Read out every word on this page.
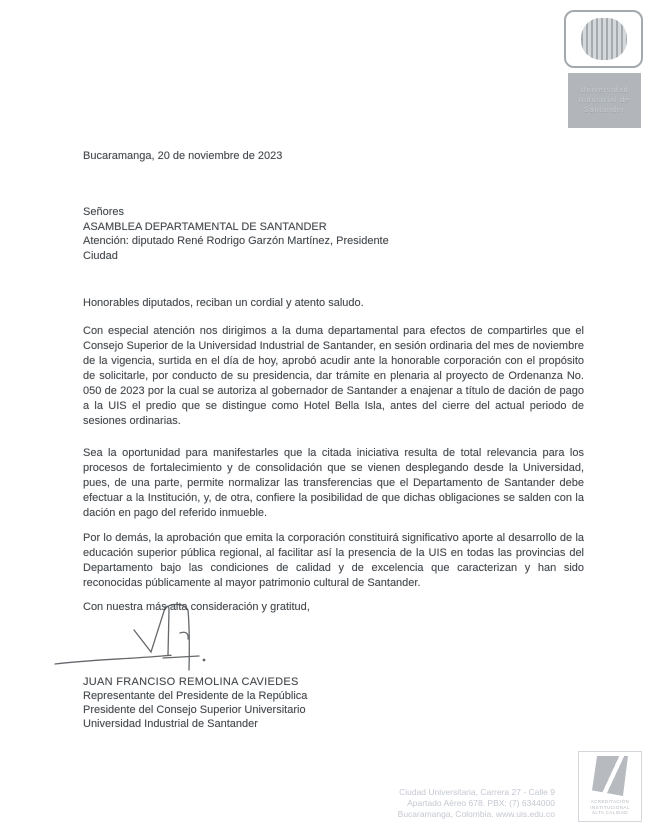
Universidad
Industrial de
Santander
Bucaramanga, 20 de noviembre de 2023
Señores
ASAMBLEA DEPARTAMENTAL DE SANTANDER
Atención: diputado René Rodrigo Garzón Martínez, Presidente
Ciudad
Honorables diputados, reciban un cordial y atento saludo.
Con especial atención nos dirigimos a la duma departamental para efectos de compartirles que el Consejo Superior de la Universidad Industrial de Santander, en sesión ordinaria del mes de noviembre de la vigencia, surtida en el día de hoy, aprobó acudir ante la honorable corporación con el propósito de solicitarle, por conducto de su presidencia, dar trámite en plenaria al proyecto de Ordenanza No. 050 de 2023 por la cual se autoriza al gobernador de Santander a enajenar a título de dación de pago a la UIS el predio que se distingue como Hotel Bella Isla, antes del cierre del actual periodo de sesiones ordinarias.
Sea la oportunidad para manifestarles que la citada iniciativa resulta de total relevancia para los procesos de fortalecimiento y de consolidación que se vienen desplegando desde la Universidad, pues, de una parte, permite normalizar las transferencias que el Departamento de Santander debe efectuar a la Institución, y, de otra, confiere la posibilidad de que dichas obligaciones se salden con la dación en pago del referido inmueble.
Por lo demás, la aprobación que emita la corporación constituirá significativo aporte al desarrollo de la educación superior pública regional, al facilitar así la presencia de la UIS en todas las provincias del Departamento bajo las condiciones de calidad y de excelencia que caracterizan y han sido reconocidas públicamente al mayor patrimonio cultural de Santander.
Con nuestra más alta consideración y gratitud,
JUAN FRANCISO REMOLINA CAVIEDES
Representante del Presidente de la República
Presidente del Consejo Superior Universitario
Universidad Industrial de Santander
Ciudad Universitaria, Carrera 27 - Calle 9
Apartado Aéreo 678. PBX: (7) 6344000
Bucaramanga, Colombia. www.uis.edu.co
ACREDITACIÓN
INSTITUCIONAL
ALTA CALIDAD
